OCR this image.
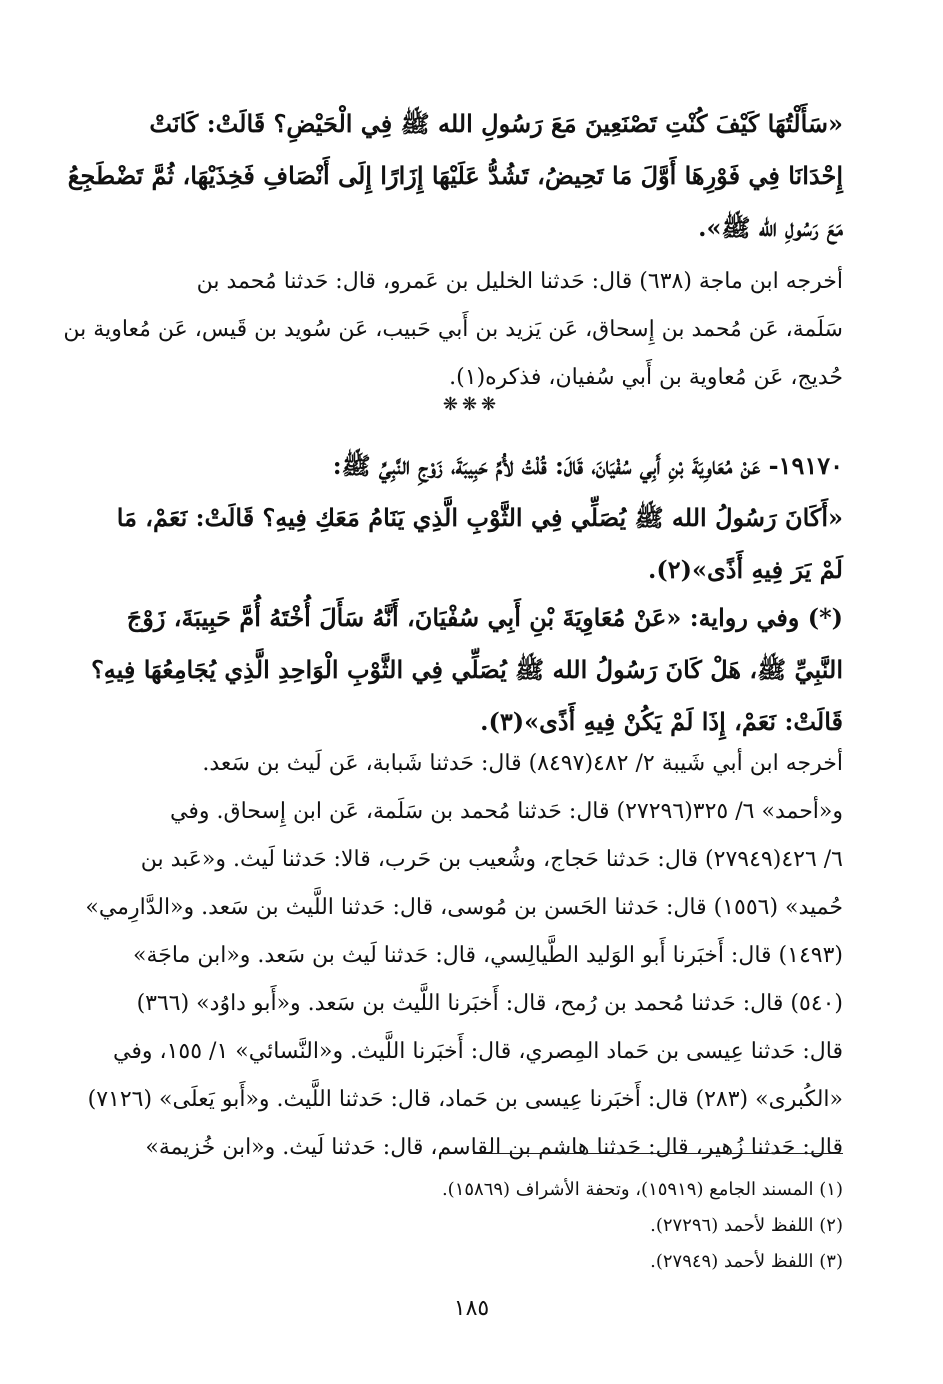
«سَأَلْتُهَا كَيْفَ كُنْتِ تَصْنَعِينَ مَعَ رَسُولِ الله ﷺ فِي الْحَيْضِ؟ قَالَتْ: كَانَتْ
إِحْدَانَا فِي فَوْرِهَا أَوَّلَ مَا تَحِيضُ، تَشُدُّ عَلَيْهَا إِزَارًا إِلَى أَنْصَافِ فَخِذَيْهَا، ثُمَّ تَضْطَجِعُ
مَعَ رَسُولِ الله ﷺ».
أخرجه ابن ماجة (٦٣٨) قال: حَدثنا الخليل بن عَمرو، قال: حَدثنا مُحمد بن
سَلَمة، عَن مُحمد بن إِسحاق، عَن يَزيد بن أَبي حَبيب، عَن سُويد بن قَيس، عَن مُعاوية بن
حُديج، عَن مُعاوية بن أَبي سُفيان، فذكره(١).
❋❋❋
١٩١٧٠- عَنْ مُعَاوِيَةَ بْنِ أَبِي سُفْيَانَ، قَالَ: قُلْتُ لأُمِّ حَبِيبَةَ، زَوْجِ النَّبِيِّ ﷺ:
«أَكَانَ رَسُولُ الله ﷺ يُصَلِّي فِي الثَّوْبِ الَّذِي يَنَامُ مَعَكِ فِيهِ؟ قَالَتْ: نَعَمْ، مَا
لَمْ يَرَ فِيهِ أَذًى»(٢).
(*) وفي رواية: «عَنْ مُعَاوِيَةَ بْنِ أَبِي سُفْيَانَ، أَنَّهُ سَأَلَ أُخْتَهُ أُمَّ حَبِيبَةَ، زَوْجَ
النَّبِيِّ ﷺ، هَلْ كَانَ رَسُولُ الله ﷺ يُصَلِّي فِي الثَّوْبِ الْوَاحِدِ الَّذِي يُجَامِعُهَا فِيهِ؟
قَالَتْ: نَعَمْ، إِذَا لَمْ يَكُنْ فِيهِ أَذًى»(٣).
أخرجه ابن أبي شَيبة ٢/ ٤٨٢(٨٤٩٧) قال: حَدثنا شَبابة، عَن لَيث بن سَعد.
و«أحمد» ٦/ ٣٢٥(٢٧٢٩٦) قال: حَدثنا مُحمد بن سَلَمة، عَن ابن إِسحاق. وفي
٦/ ٤٢٦(٢٧٩٤٩) قال: حَدثنا حَجاج، وشُعيب بن حَرب، قالا: حَدثنا لَيث. و«عَبد بن
حُميد» (١٥٥٦) قال: حَدثنا الحَسن بن مُوسى، قال: حَدثنا اللَّيث بن سَعد. و«الدَّارِمي»
(١٤٩٣) قال: أَخبَرنا أَبو الوَليد الطَّيالِسي، قال: حَدثنا لَيث بن سَعد. و«ابن ماجَة»
(٥٤٠) قال: حَدثنا مُحمد بن رُمح، قال: أَخبَرنا اللَّيث بن سَعد. و«أَبو داوُد» (٣٦٦)
قال: حَدثنا عِيسى بن حَماد المِصري، قال: أَخبَرنا اللَّيث. و«النَّسائي» ١/ ١٥٥، وفي
«الكُبرى» (٢٨٣) قال: أَخبَرنا عِيسى بن حَماد، قال: حَدثنا اللَّيث. و«أَبو يَعلَى» (٧١٢٦)
قال: حَدثنا زُهير، قال: حَدثنا هاشم بن القاسم، قال: حَدثنا لَيث. و«ابن خُزيمة»
(١) المسند الجامع (١٥٩١٩)، وتحفة الأشراف (١٥٨٦٩).
(٢) اللفظ لأحمد (٢٧٢٩٦).
(٣) اللفظ لأحمد (٢٧٩٤٩).
١٨٥
